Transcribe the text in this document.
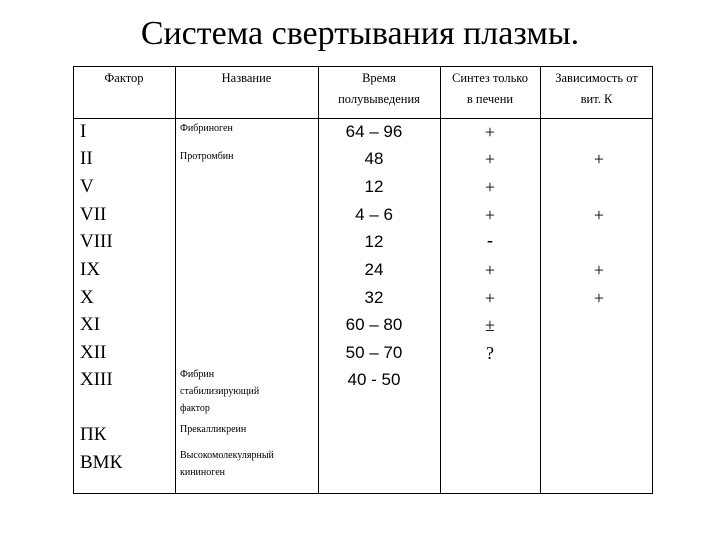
Система свертывания плазмы.
Фактор	Название	Время
полувыведения
Синтез только
в печени
Зависимость от
вит. К
I
II
V
VII
VIII
IX
X
XI
XII
XIII
ПК
ВМК
Фибриноген
Протромбин
Фибрин
стабилизирующий
фактор
Прекалликреин
Высокомолекулярный
кининоген
64 – 96
48
12
4 – 6
12
24
32
60 – 80
50 – 70
40 - 50
+
+
+
+
-
+
+
±
?
+
+
+
+
